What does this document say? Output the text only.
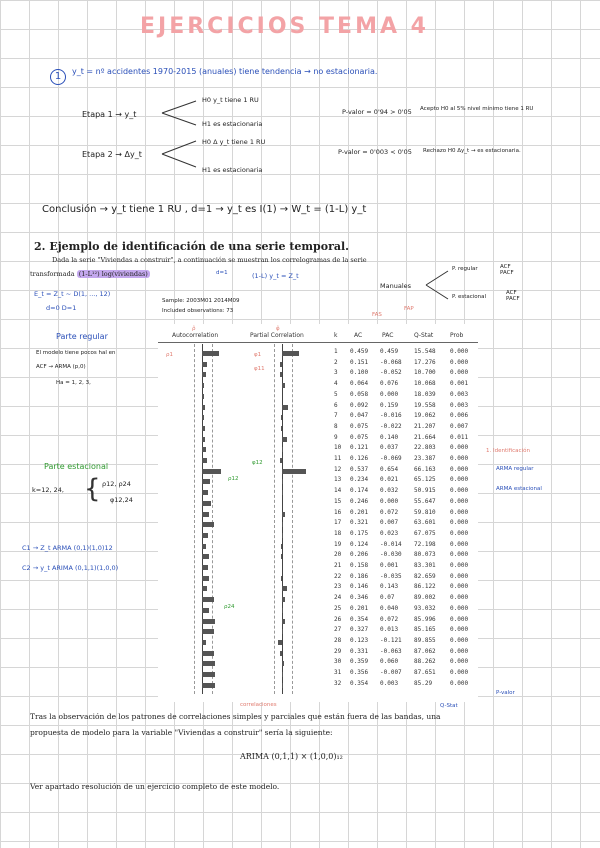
EJERCICIOS TEMA 4
1	y_t = nº accidentes 1970-2015 (anuales) tiene tendencia → no estacionaria.
Etapa 1 → y_t
H0 y_t tiene 1 RU
H1 es estacionaria
P-valor = 0'94 > 0'05 Acepto H0 al 5% nivel mínimo tiene 1 RU
Etapa 2 → Δy_t
H0 Δ y_t tiene 1 RU
H1 es estacionaria
P-valor = 0'003 < 0'05 Rechazo H0 Δy_t → es estacionaria.
Conclusión → y_t tiene 1 RU , d=1 → y_t es I(1) → W_t = (1-L) y_t
2. Ejemplo de identificación de una serie temporal.
Dada la serie "Viviendas a construir", a continuación se muestran los correlogramas de la serie
transformada (1-L¹²) log(viviendas)
E_t = Z_t ~ D(1, ..., 12)
d=0 D=1
d=1	(1-L) y_t = Z_t
Manuales
P. regular	ACF PACF
P. estacional
ACF PACF
Sample: 2003M01 2014M09
Included observations: 73
Autocorrelation	Partial Correlation	k	AC	PAC	Q-Stat	Prob
1 0.459 0.459	15.548 0.000
2 0.151 -0.068 17.276 0.000
3 0.100 -0.052 10.700 0.000
4 0.064 0.076	10.068 0.001
5 0.058 0.000	18.039 0.003
6 0.092 0.159	19.558 0.003
7 0.047 -0.016 19.062 0.006
8 0.075 -0.022 21.207 0.007
9 0.075 0.140	21.664 0.011
10 0.121 0.037	22.803 0.000
11 0.126 -0.069 23.387 0.000
12 0.537 0.654	66.163 0.000
13 0.234 0.021	65.125 0.000
14 0.174 0.032	50.915 0.000
15 0.246 0.000	55.647 0.000
16 0.201 0.072	59.810 0.000
17 0.321 0.007	63.601 0.000
18 0.175 0.023	67.075 0.000
19 0.124 -0.014 72.198 0.000
20 0.206 -0.030 80.073 0.000
21 0.158 0.001	83.301 0.000
22 0.186 -0.035 82.659 0.000
23 0.146 0.143	86.122 0.000
24 0.346 0.07	89.002 0.000
25 0.201 0.040	93.032 0.000
26 0.354 0.072	85.996 0.000
27 0.327 0.013	85.165 0.000
28 0.123 -0.121 89.855 0.000
29 0.331 -0.063 87.062 0.000
30 0.359 0.060	88.262 0.000
31 0.356 -0.007 87.651 0.000
32 0.354 0.003	85.29	0.000
ρ̂	φ̂
FAS
FAP
ρ1	φ1
φ11
ρ12
φ12
ρ24
correlaciones
Parte regular
El modelo tiene pocos hal en
ACF → ARMA (p,0)
Ha = 1, 2, 3,
Parte estacional
k=12, 24, { ρ12, ρ24
φ12,24
C1 → Z_t ARMA (0,1)(1,0)12
C2 → y_t ARIMA (0,1,1)(1,0,0)
1. Identificación
ARMA regular
ARMA estacional
P-valor
Q-Stat
Tras la observación de los patrones de correlaciones simples y parciales que están fuera de las bandas, una
propuesta de modelo para la variable "Viviendas a construir" sería la siguiente:
ARIMA (0,1,1) × (1,0,0)₁₂
Ver apartado resolución de un ejercicio completo de este modelo.
